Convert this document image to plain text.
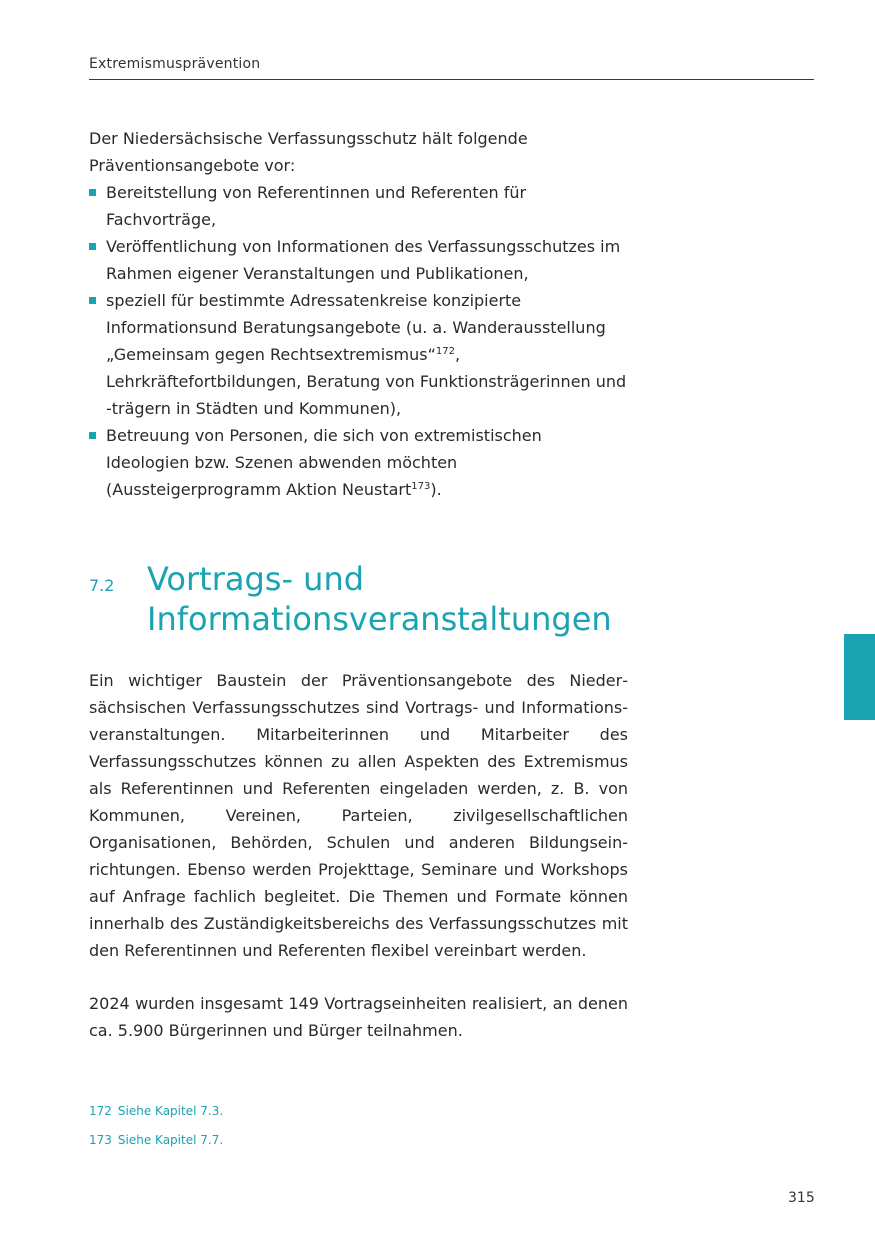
Extremismusprävention

Der Niedersächsische Verfassungsschutz hält folgende Präventionsangebote vor:

Bereitstellung von Referentinnen und Referenten für Fachvorträge,
Veröffentlichung von Informationen des Verfassungsschutzes im Rahmen eigener Veranstaltungen und Publikationen,
speziell für bestimmte Adressatenkreise konzipierte Informationsund Beratungsangebote (u. a. Wanderausstellung „Gemeinsam gegen Rechtsextremismus“$^{172}$, Lehrkräftefortbildungen, Beratung von Funktionsträgerinnen und -trägern in Städten und Kommunen),
Betreuung von Personen, die sich von extremistischen Ideologien bzw. Szenen abwenden möchten (Aussteigerprogramm Aktion Neustart$^{173}$).
7.2 Vortrags- und Informationsveranstaltungen

Ein wichtiger Baustein der Präventionsangebote des Niedersächsischen Verfassungsschutzes sind Vortrags- und Informationsveranstaltungen. Mitarbeiterinnen und Mitarbeiter des Verfassungsschutzes können zu allen Aspekten des Extremismus als Referentinnen und Referenten eingeladen werden, z. B. von Kommunen, Vereinen, Parteien, zivilgesellschaftlichen Organisationen, Behörden, Schulen und anderen Bildungseinrichtungen. Ebenso werden Projekttage, Seminare und Workshops auf Anfrage fachlich begleitet. Die Themen und Formate können innerhalb des Zuständigkeitsbereichs des Verfassungsschutzes mit den Referentinnen und Referenten flexibel vereinbart werden.

2024 wurden insgesamt 149 Vortragseinheiten realisiert, an denen ca. 5.900 Bürgerinnen und Bürger teilnahmen.

172 Siehe Kapitel 7.3.
173 Siehe Kapitel 7.7.
315
